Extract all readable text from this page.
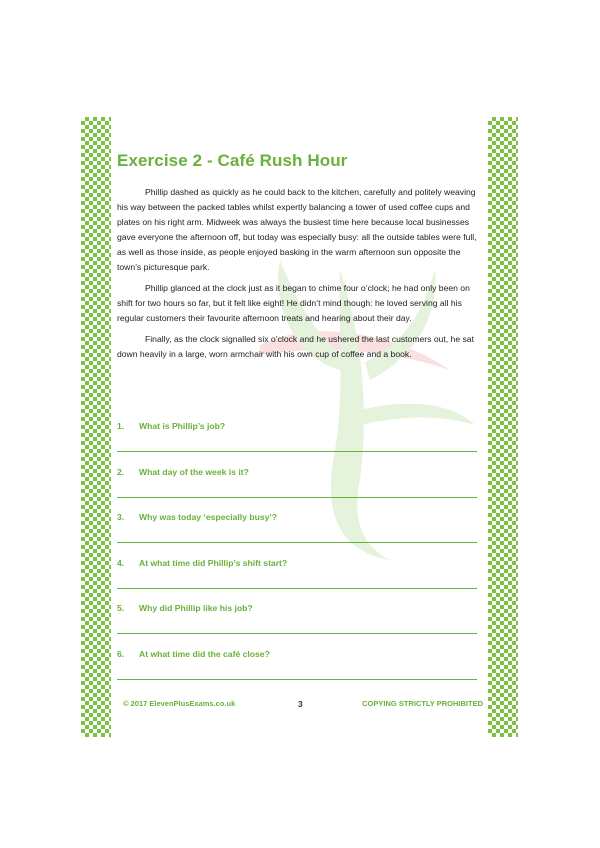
Exercise 2 - Café Rush Hour

Phillip dashed as quickly as he could back to the kitchen, carefully and politely weaving his way between the packed tables whilst expertly balancing a tower of used coffee cups and plates on his right arm. Midweek was always the busiest time here because local businesses gave everyone the afternoon off, but today was especially busy: all the outside tables were full, as well as those inside, as people enjoyed basking in the warm afternoon sun opposite the town’s picturesque park.

Phillip glanced at the clock just as it began to chime four o’clock; he had only been on shift for two hours so far, but it felt like eight! He didn’t mind though: he loved serving all his regular customers their favourite afternoon treats and hearing about their day.

Finally, as the clock signalled six o’clock and he ushered the last customers out, he sat down heavily in a large, worn armchair with his own cup of coffee and a book.

1. What is Phillip’s job?
2. What day of the week is it?
3. Why was today ‘especially busy’?
4. At what time did Phillip’s shift start?
5. Why did Phillip like his job?
6. At what time did the café close?
© 2017 ElevenPlusExams.co.uk	3	COPYING STRICTLY PROHIBITED
